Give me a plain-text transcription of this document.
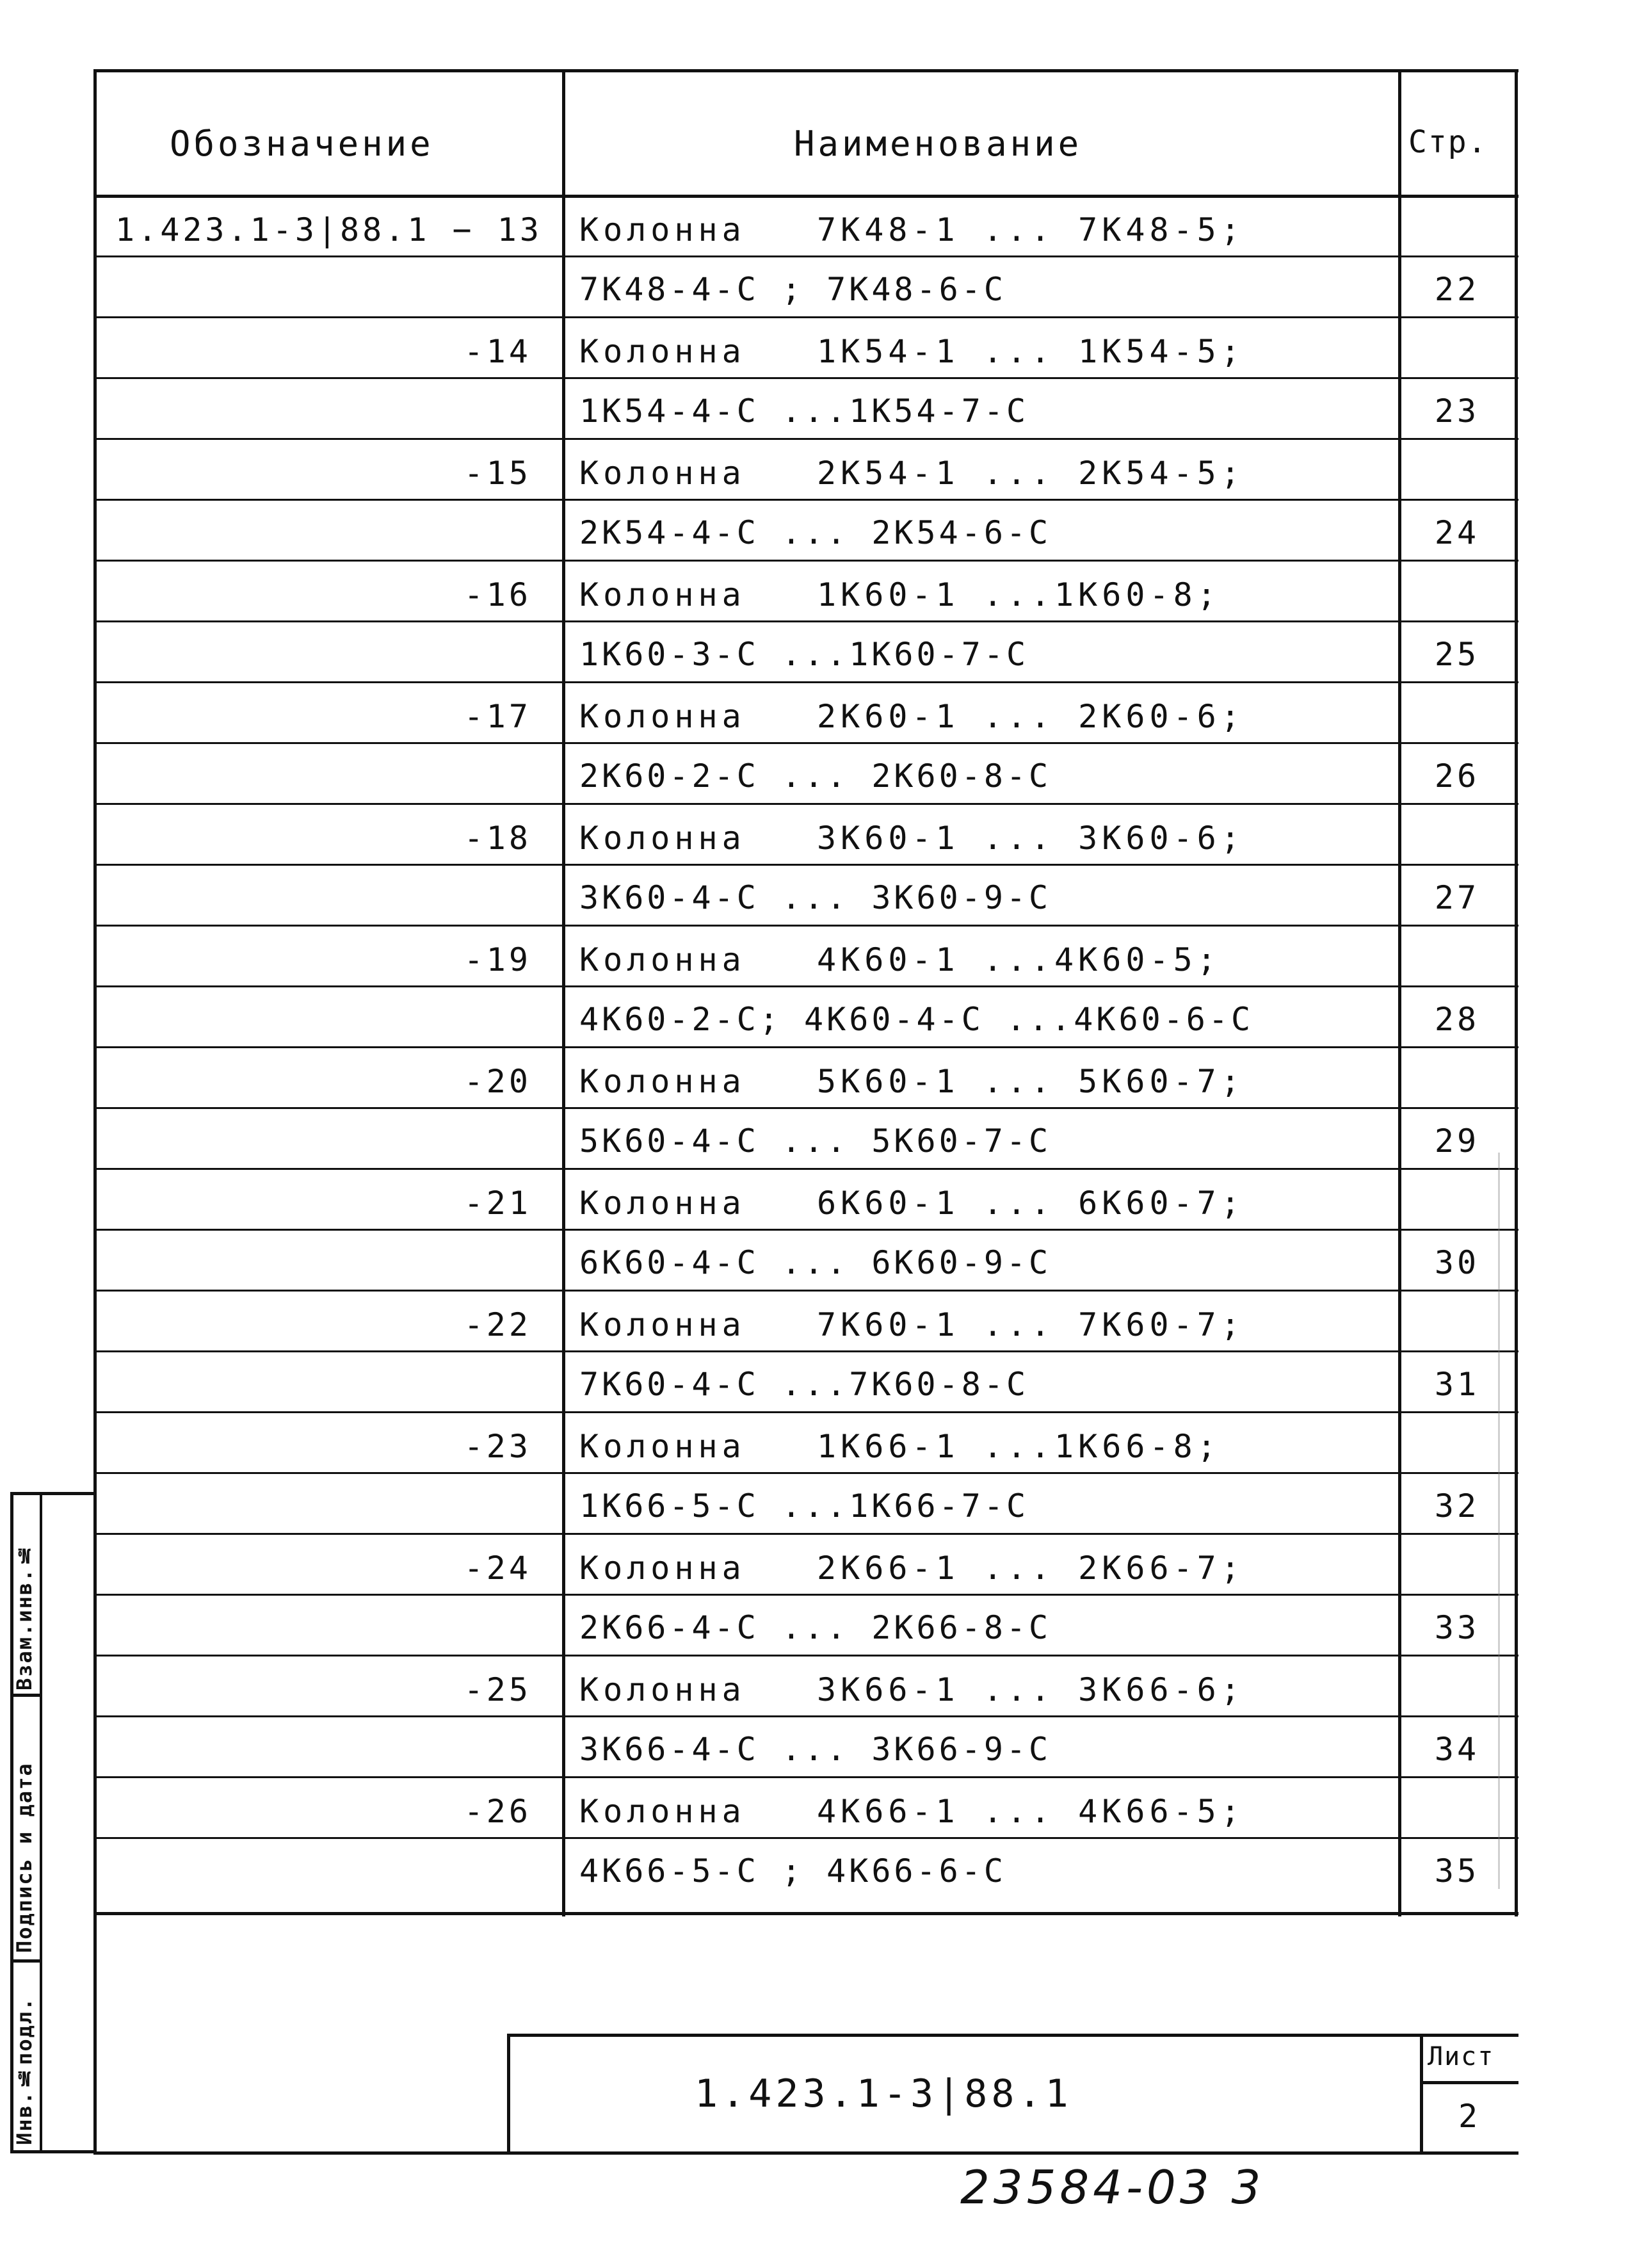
Обозначение	Наименование	Стр.
1.423.1-3|88.1 − 13 Колонна   7К48-1 ... 7К48-5;
7К48-4-С ; 7К48-6-С	22
-14 Колонна   1К54-1 ... 1К54-5;
1К54-4-С ...1К54-7-С	23
-15 Колонна   2К54-1 ... 2К54-5;
2К54-4-С ... 2К54-6-С	24
-16 Колонна   1К60-1 ...1К60-8;
1К60-3-С ...1К60-7-С	25
-17 Колонна   2К60-1 ... 2К60-6;
2К60-2-С ... 2К60-8-С	26
-18 Колонна   3К60-1 ... 3К60-6;
3К60-4-С ... 3К60-9-С	27
-19 Колонна   4К60-1 ...4К60-5;
4К60-2-С; 4К60-4-С ...4К60-6-С	28
-20 Колонна   5К60-1 ... 5К60-7;
5К60-4-С ... 5К60-7-С	29
-21 Колонна   6К60-1 ... 6К60-7;
6К60-4-С ... 6К60-9-С	30
-22 Колонна   7К60-1 ... 7К60-7;
7К60-4-С ...7К60-8-С	31
-23 Колонна   1К66-1 ...1К66-8;
1К66-5-С ...1К66-7-С	32
-24 Колонна   2К66-1 ... 2К66-7;
2К66-4-С ... 2К66-8-С	33
-25 Колонна   3К66-1 ... 3К66-6;
3К66-4-С ... 3К66-9-С	34
-26 Колонна   4К66-1 ... 4К66-5;
4К66-5-С ; 4К66-6-С	35
Инв.№подл.
Подпись и дата
Взам.инв.№
1.423.1-3|88.1
Лист
2
23584-03 3
